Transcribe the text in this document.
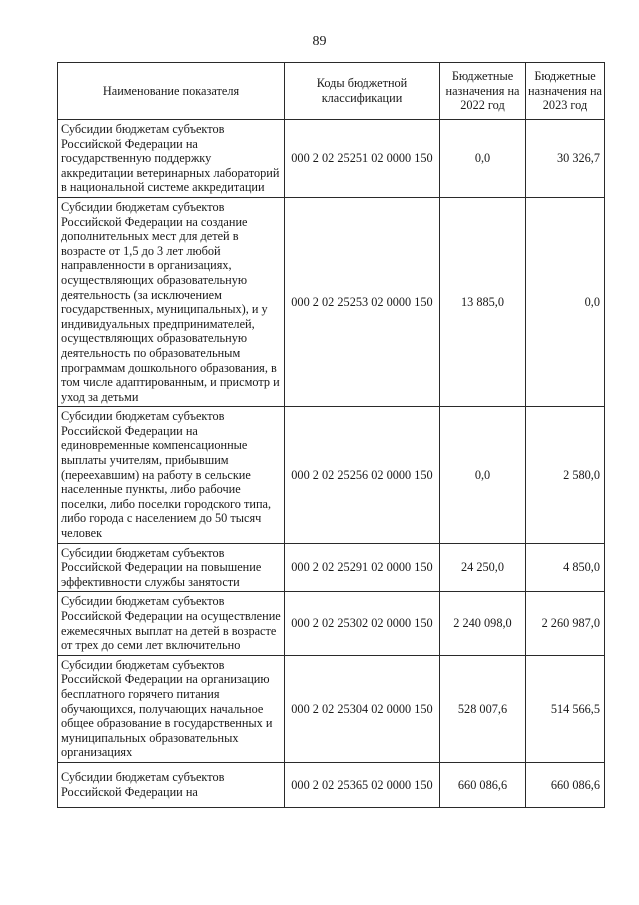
89
Наименование показателя	Коды бюджетной классификации	Бюджетные назначения на 2022 год	Бюджетные назначения на 2023 год
Субсидии бюджетам субъектов Российской Федерации на государственную поддержку аккредитации ветеринарных лабораторий в национальной системе аккредитации	000 2 02 25251 02 0000 150	0,0	30 326,7
Субсидии бюджетам субъектов Российской Федерации на создание дополнительных мест для детей в возрасте от 1,5 до 3 лет любой направленности в организациях, осуществляющих образовательную деятельность (за исключением государственных, муниципальных), и у индивидуальных предпринимателей, осуществляющих образовательную деятельность по образовательным программам дошкольного образования, в том числе адаптированным, и присмотр и уход за детьми	000 2 02 25253 02 0000 150	13 885,0	0,0
Субсидии бюджетам субъектов Российской Федерации на единовременные компенсационные выплаты учителям, прибывшим (переехавшим) на работу в сельские населенные пункты, либо рабочие поселки, либо поселки городского типа, либо города с населением до 50 тысяч человек	000 2 02 25256 02 0000 150	0,0	2 580,0
Субсидии бюджетам субъектов Российской Федерации на повышение эффективности службы занятости	000 2 02 25291 02 0000 150	24 250,0	4 850,0
Субсидии бюджетам субъектов Российской Федерации на осуществление ежемесячных выплат на детей в возрасте от трех до семи лет включительно	000 2 02 25302 02 0000 150	2 240 098,0	2 260 987,0
Субсидии бюджетам субъектов Российской Федерации на организацию бесплатного горячего питания обучающихся, получающих начальное общее образование в государственных и муниципальных образовательных организациях	000 2 02 25304 02 0000 150	528 007,6	514 566,5
Субсидии бюджетам субъектов Российской Федерации на	000 2 02 25365 02 0000 150	660 086,6	660 086,6
